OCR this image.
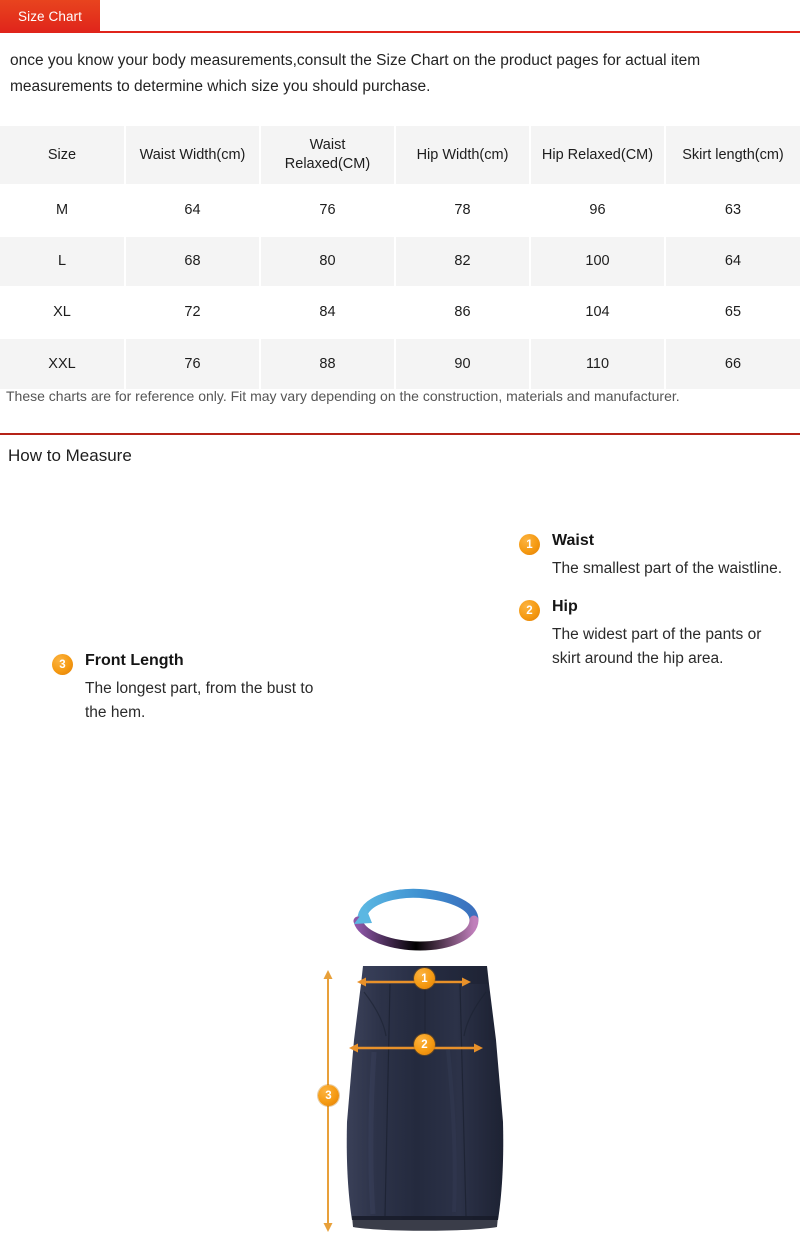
Size Chart
once you know your body measurements,consult the Size Chart on the product pages for actual item measurements to determine which size you should purchase.
Size	Waist Width(cm)	Waist Relaxed(CM)	Hip Width(cm)	Hip Relaxed(CM)	Skirt length(cm)
M	64	76	78	96	63
L	68	80	82	100	64
XL	72	84	86	104	65
XXL	76	88	90	110	66
These charts are for reference only. Fit may vary depending on the construction, materials and manufacturer.
How to Measure
1
2
3
1	Waist
The smallest part of the waistline.
2	Hip
The widest part of the pants or skirt around the hip area.
3	Front Length
The longest part, from the bust to the hem.
